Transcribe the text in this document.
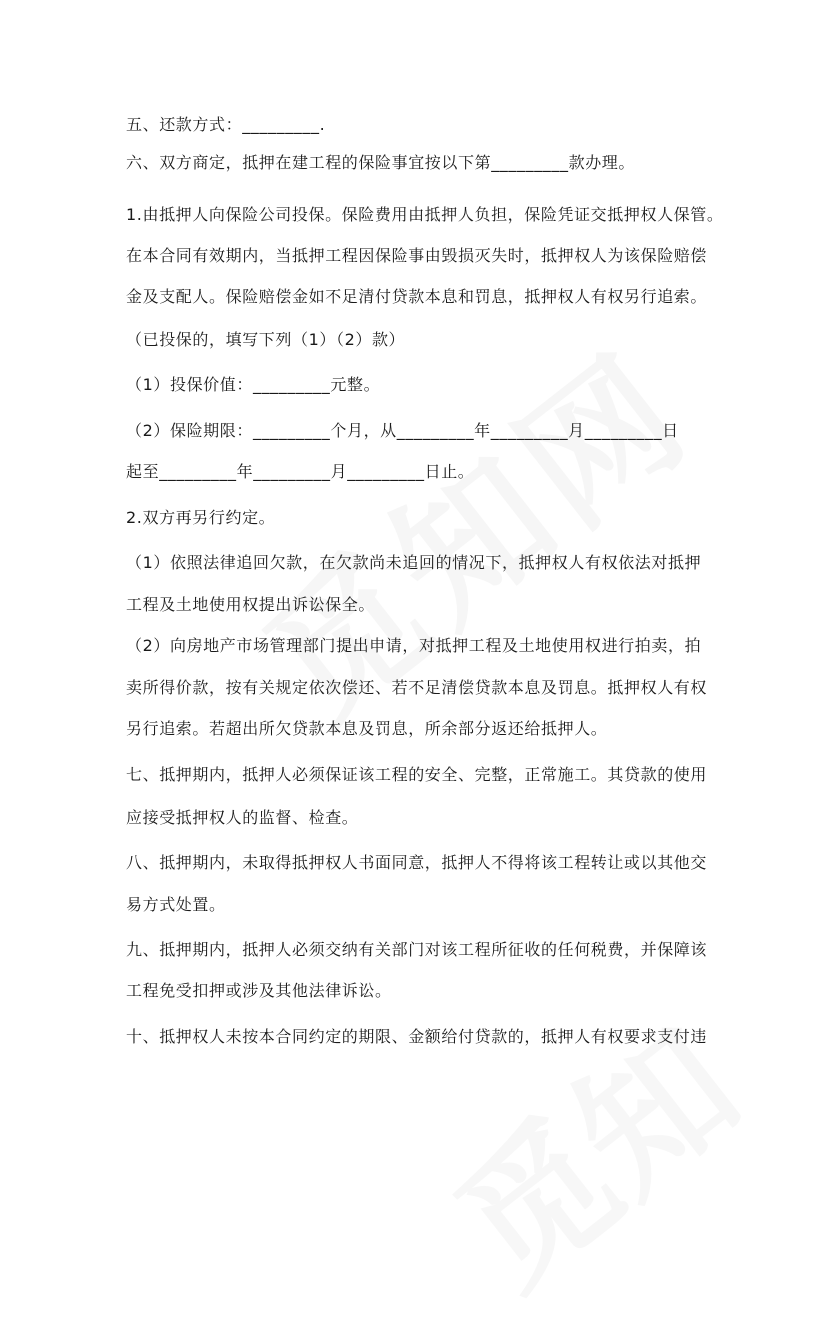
五、还款方式：_________.
六、双方商定，抵押在建工程的保险事宜按以下第_________款办理。
1.由抵押人向保险公司投保。保险费用由抵押人负担，保险凭证交抵押权人保管。
在本合同有效期内，当抵押工程因保险事由毁损灭失时，抵押权人为该保险赔偿
金及支配人。保险赔偿金如不足清付贷款本息和罚息，抵押权人有权另行追索。
（已投保的，填写下列（1）（2）款）
（1）投保价值：_________元整。
（2）保险期限：_________个月，从_________年_________月_________日
起至_________年_________月_________日止。
2.双方再另行约定。
（1）依照法律追回欠款，在欠款尚未追回的情况下，抵押权人有权依法对抵押
工程及土地使用权提出诉讼保全。
（2）向房地产市场管理部门提出申请，对抵押工程及土地使用权进行拍卖，拍
卖所得价款，按有关规定依次偿还、若不足清偿贷款本息及罚息。抵押权人有权
另行追索。若超出所欠贷款本息及罚息，所余部分返还给抵押人。
七、抵押期内，抵押人必须保证该工程的安全、完整，正常施工。其贷款的使用
应接受抵押权人的监督、检查。
八、抵押期内，未取得抵押权人书面同意，抵押人不得将该工程转让或以其他交
易方式处置。
九、抵押期内，抵押人必须交纳有关部门对该工程所征收的任何税费，并保障该
工程免受扣押或涉及其他法律诉讼。
十、抵押权人未按本合同约定的期限、金额给付贷款的，抵押人有权要求支付违
